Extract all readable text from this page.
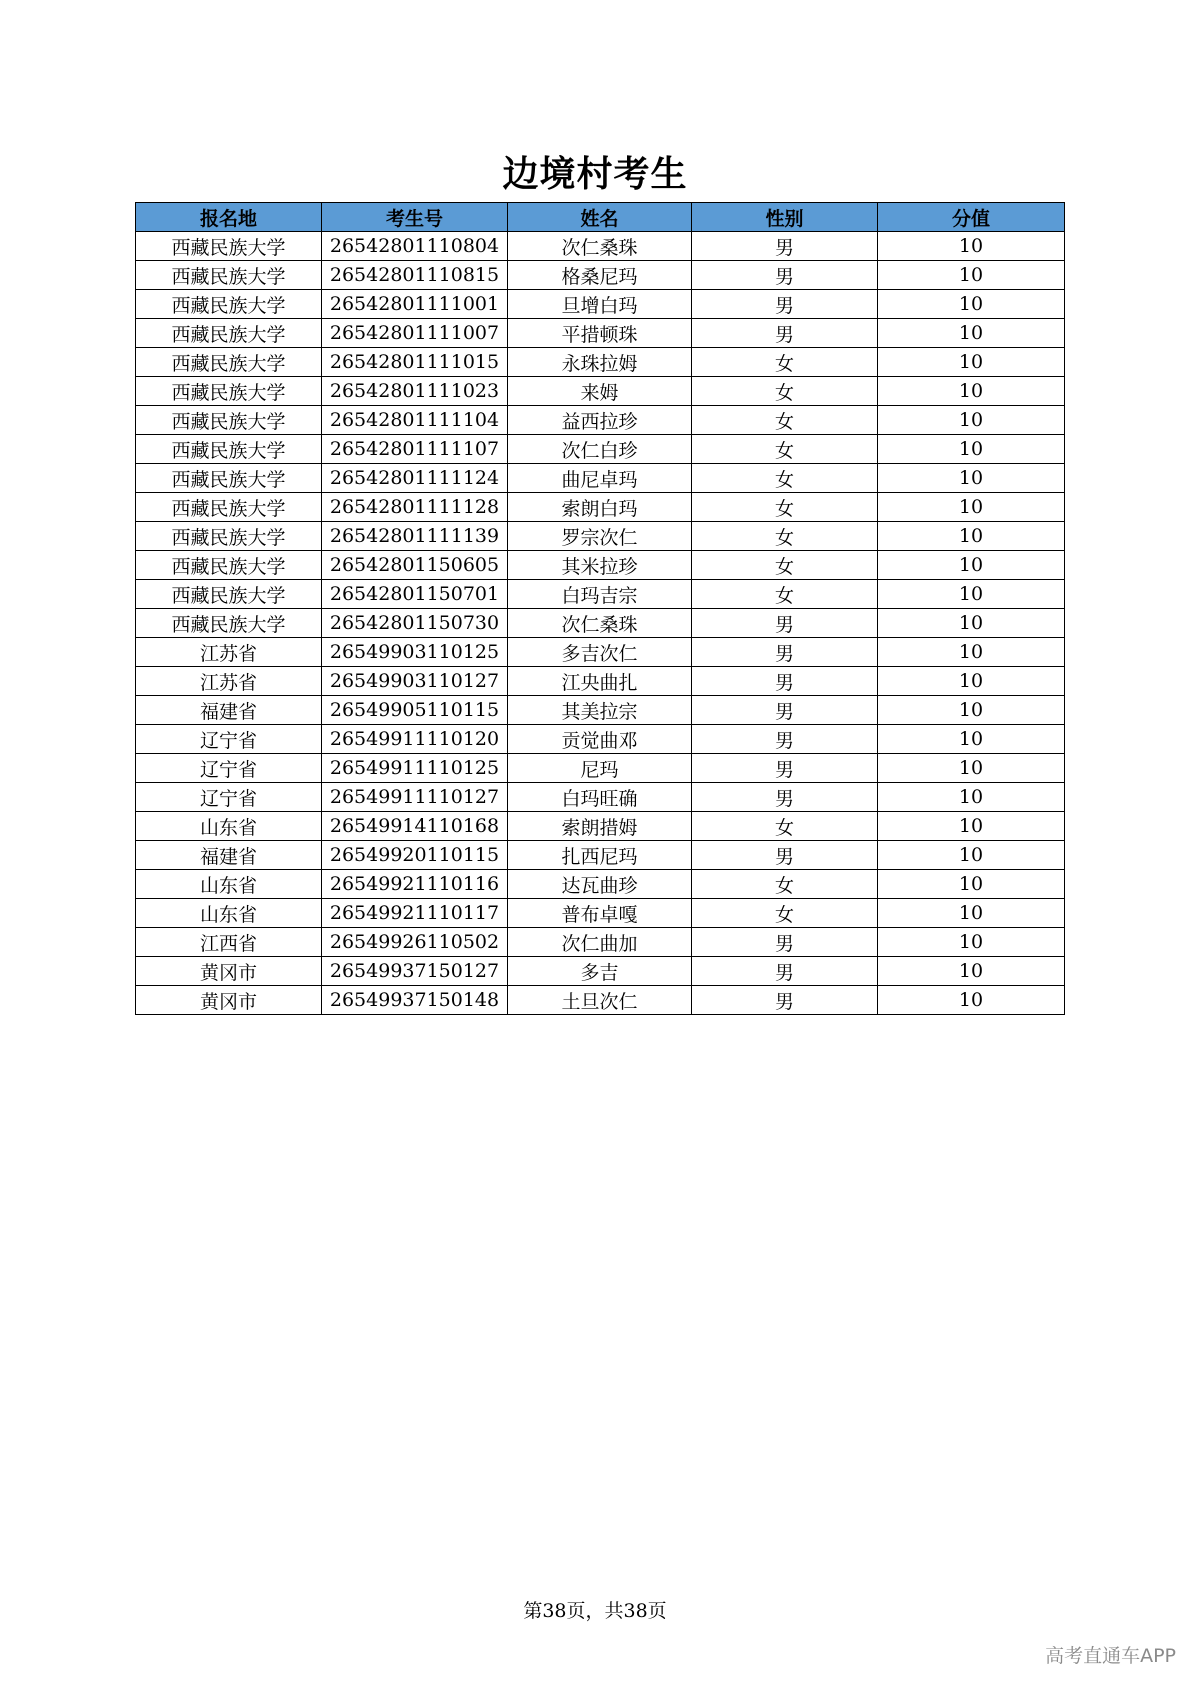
边境村考生
报名地	考生号	姓名	性别	分值
西藏民族大学	26542801110804	次仁桑珠	男	10
西藏民族大学	26542801110815	格桑尼玛	男	10
西藏民族大学	26542801111001	旦增白玛	男	10
西藏民族大学	26542801111007	平措顿珠	男	10
西藏民族大学	26542801111015	永珠拉姆	女	10
西藏民族大学	26542801111023	来姆	女	10
西藏民族大学	26542801111104	益西拉珍	女	10
西藏民族大学	26542801111107	次仁白珍	女	10
西藏民族大学	26542801111124	曲尼卓玛	女	10
西藏民族大学	26542801111128	索朗白玛	女	10
西藏民族大学	26542801111139	罗宗次仁	女	10
西藏民族大学	26542801150605	其米拉珍	女	10
西藏民族大学	26542801150701	白玛吉宗	女	10
西藏民族大学	26542801150730	次仁桑珠	男	10
江苏省	26549903110125	多吉次仁	男	10
江苏省	26549903110127	江央曲扎	男	10
福建省	26549905110115	其美拉宗	男	10
辽宁省	26549911110120	贡觉曲邓	男	10
辽宁省	26549911110125	尼玛	男	10
辽宁省	26549911110127	白玛旺确	男	10
山东省	26549914110168	索朗措姆	女	10
福建省	26549920110115	扎西尼玛	男	10
山东省	26549921110116	达瓦曲珍	女	10
山东省	26549921110117	普布卓嘎	女	10
江西省	26549926110502	次仁曲加	男	10
黄冈市	26549937150127	多吉	男	10
黄冈市	26549937150148	土旦次仁	男	10
第38页，共38页
高考直通车APP
